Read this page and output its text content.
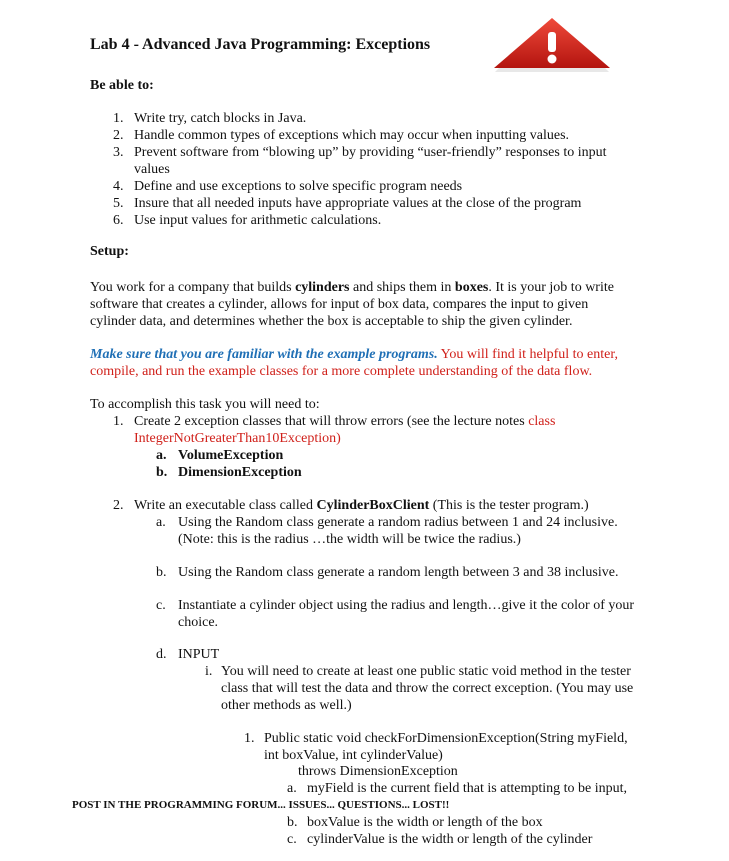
Lab 4 - Advanced Java Programming: Exceptions
Be able to:
1. Write try, catch blocks in Java.
2. Handle common types of exceptions which may occur when inputting values.
3. Prevent software from “blowing up” by providing “user-friendly” responses to input
values
4. Define and use exceptions to solve specific program needs
5. Insure that all needed inputs have appropriate values at the close of the program
6. Use input values for arithmetic calculations.
Setup:
You work for a company that builds cylinders and ships them in boxes. It is your job to write
software that creates a cylinder, allows for input of box data, compares the input to given
cylinder data, and determines whether the box is acceptable to ship the given cylinder.
Make sure that you are familiar with the example programs. You will find it helpful to enter,
compile, and run the example classes for a more complete understanding of the data flow.
To accomplish this task you will need to:
1. Create 2 exception classes that will throw errors (see the lecture notes class
IntegerNotGreaterThan10Exception)
a. VolumeException
b. DimensionException
2. Write an executable class called CylinderBoxClient (This is the tester program.)
a. Using the Random class generate a random radius between 1 and 24 inclusive.
(Note: this is the radius …the width will be twice the radius.)
b. Using the Random class generate a random length between 3 and 38 inclusive.
c. Instantiate a cylinder object using the radius and length…give it the color of your
choice.
d. INPUT
i. You will need to create at least one public static void method in the tester
class that will test the data and throw the correct exception. (You may use
other methods as well.)
1. Public static void checkForDimensionException(String myField,
int boxValue, int cylinderValue)
throws DimensionException
a. myField is the current field that is attempting to be input,
POST IN THE PROGRAMMING FORUM... ISSUES... QUESTIONS... LOST!!
b. boxValue is the width or length of the box
c. cylinderValue is the width or length of the cylinder
